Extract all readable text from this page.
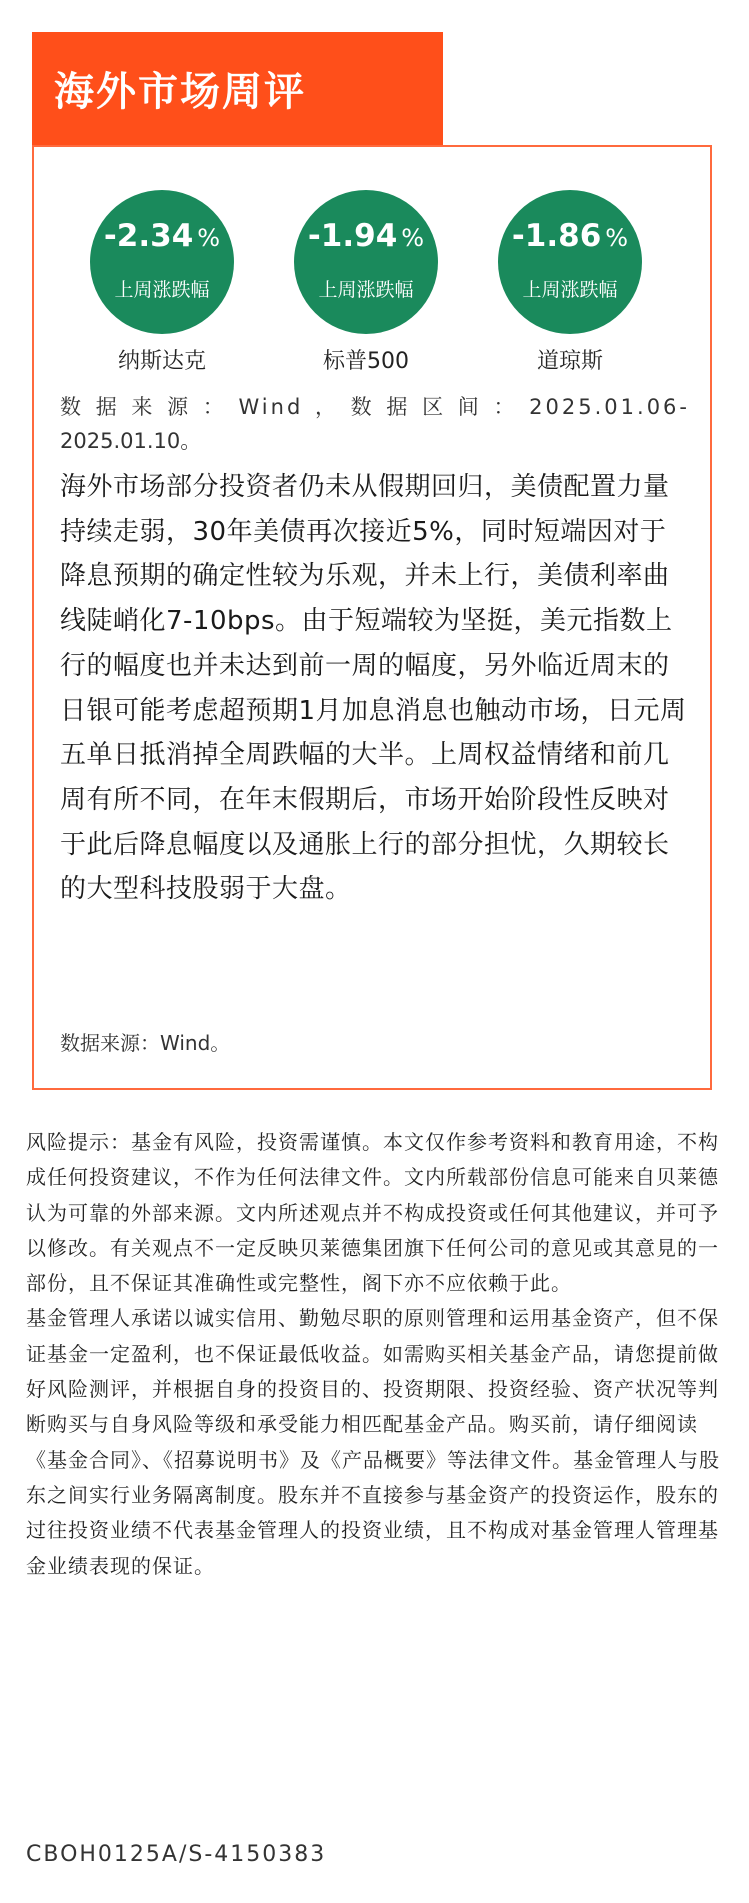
海外市场周评
-2.34 %
上周涨跌幅
纳斯达克
-1.94 %
上周涨跌幅
标普500
-1.86 %
上周涨跌幅
道琼斯
数据来源：Wind，数据区间：2025.01.06-
2025.01.10。
海外市场部分投资者仍未从假期回归，美债配置力量持续走弱，30年美债再次接近5%，同时短端因对于降息预期的确定性较为乐观，并未上行，美债利率曲线陡峭化7-10bps。由于短端较为坚挺，美元指数上行的幅度也并未达到前一周的幅度，另外临近周末的日银可能考虑超预期1月加息消息也触动市场，日元周五单日抵消掉全周跌幅的大半。上周权益情绪和前几周有所不同，在年末假期后，市场开始阶段性反映对于此后降息幅度以及通胀上行的部分担忧，久期较长的大型科技股弱于大盘。
数据来源：Wind。

风险提示：基金有风险，投资需谨慎。本文仅作参考资料和教育用途，不构成任何投资建议，不作为任何法律文件。文内所载部份信息可能来自贝莱德认为可靠的外部来源。文内所述观点并不构成投资或任何其他建议，并可予以修改。有关观点不一定反映贝莱德集团旗下任何公司的意见或其意見的一部份，且不保证其准确性或完整性，阁下亦不应依赖于此。

基金管理人承诺以诚实信用、勤勉尽职的原则管理和运用基金资产，但不保证基金一定盈利，也不保证最低收益。如需购买相关基金产品，请您提前做好风险测评，并根据自身的投资目的、投资期限、投资经验、资产状况等判断购买与自身风险等级和承受能力相匹配基金产品。购买前，请仔细阅读《基金合同》、《招募说明书》及《产品概要》等法律文件。基金管理人与股东之间实行业务隔离制度。股东并不直接参与基金资产的投资运作，股东的过往投资业绩不代表基金管理人的投资业绩，且不构成对基金管理人管理基金业绩表现的保证。

CBOH0125A/S-4150383
